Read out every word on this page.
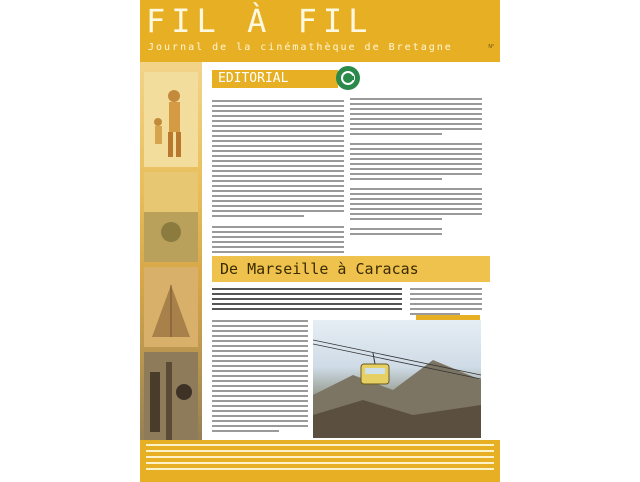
FIL À FIL
Journal de la cinémathèque de Bretagne	N°
EDITORIAL
De Marseille à Caracas
